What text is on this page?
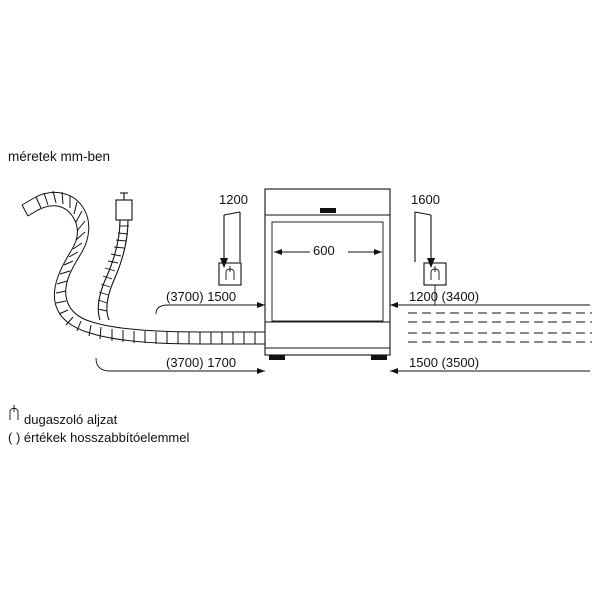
méretek mm-ben
1200	1600
600
(3700) 1500
(3700) 1700
1200 (3400)
1500 (3500)
dugaszoló aljzat
( ) értékek hosszabbítóelemmel
